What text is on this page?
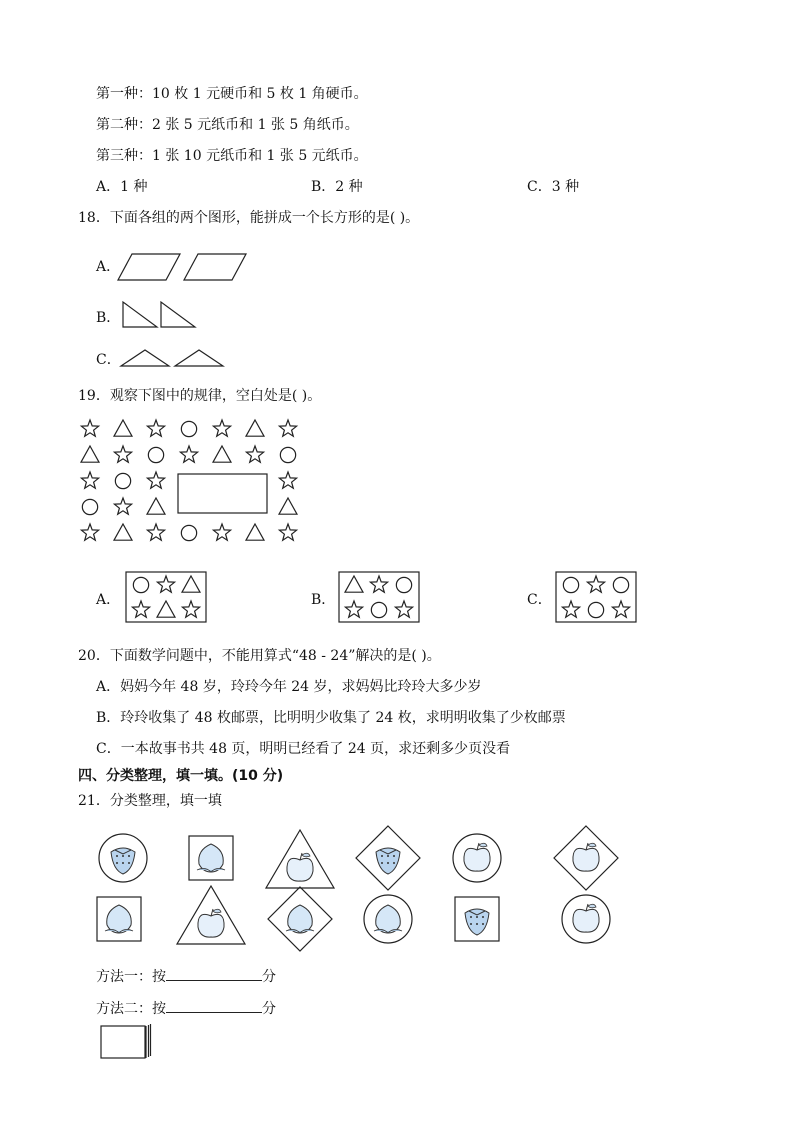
第一种：10 枚 1 元硬币和 5 枚 1 角硬币。
第二种：2 张 5 元纸币和 1 张 5 角纸币。
第三种：1 张 10 元纸币和 1 张 5 元纸币。
A．1 种	B．2 种	C．3 种
18．下面各组的两个图形，能拼成一个长方形的是( )。
A．
B．
C．
19．观察下图中的规律，空白处是( )。
A．	B．	C．
20．下面数学问题中，不能用算式“48 - 24”解决的是( )。
A．妈妈今年 48 岁，玲玲今年 24 岁，求妈妈比玲玲大多少岁
B．玲玲收集了 48 枚邮票，比明明少收集了 24 枚，求明明收集了少枚邮票
C．一本故事书共 48 页，明明已经看了 24 页，求还剩多少页没看
四、分类整理，填一填。(10 分)
21．分类整理，填一填
方法一：按	分
方法二：按	分
